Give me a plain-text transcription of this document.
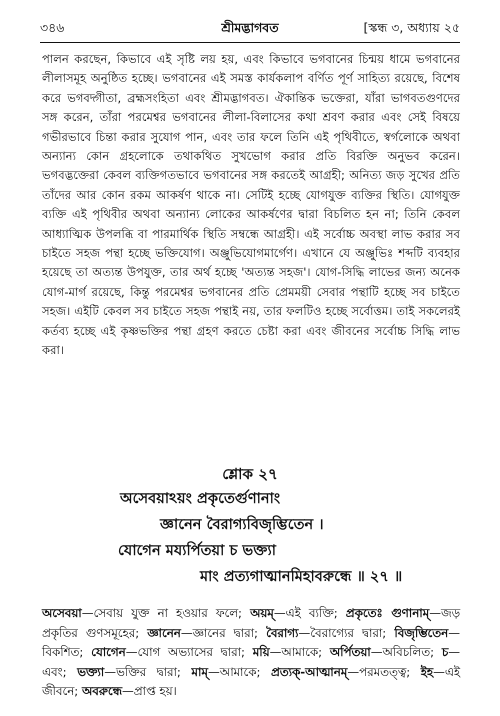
৩৪৬	শ্রীমদ্ভাগবত	[স্কন্ধ ৩, অধ্যায় ২৫

পালন করছেন, কিভাবে এই সৃষ্টি লয় হয়, এবং কিভাবে ভগবানের চিন্ময় ধামে ভগবানের লীলাসমূহ অনুষ্ঠিত হচ্ছে। ভগবানের এই সমস্ত কার্যকলাপ বর্ণিত পূর্ণ সাহিত্য রয়েছে, বিশেষ করে ভগবদ্গীতা, ব্রহ্মসংহিতা এবং শ্রীমদ্ভাগবত। ঐকান্তিক ভক্তেরা, যাঁরা ভাগবতগুণদের সঙ্গ করেন, তাঁরা পরমেশ্বর ভগবানের লীলা-বিলাসের কথা শ্রবণ করার এবং সেই বিষয়ে গভীরভাবে চিন্তা করার সুযোগ পান, এবং তার ফলে তিনি এই পৃথিবীতে, স্বর্গলোকে অথবা অন্যান্য কোন গ্রহলোকে তথাকথিত সুখভোগ করার প্রতি বিরক্তি অনুভব করেন। ভগবদ্ভক্তেরা কেবল ব্যক্তিগতভাবে ভগবানের সঙ্গ করতেই আগ্রহী; অনিত্য জড় সুখের প্রতি তাঁদের আর কোন রকম আকর্ষণ থাকে না। সেটিই হচ্ছে যোগযুক্ত ব্যক্তির স্থিতি। যোগযুক্ত ব্যক্তি এই পৃথিবীর অথবা অন্যান্য লোকের আকর্ষণের দ্বারা বিচলিত হন না; তিনি কেবল আধ্যাত্মিক উপলব্ধি বা পারমার্থিক স্থিতি সম্বন্ধে আগ্রহী। এই সর্বোচ্চ অবস্থা লাভ করার সব চাইতে সহজ পন্থা হচ্ছে ভক্তিযোগ। অঞ্জুভিযোগমার্গেণ। এখানে যে অঞ্জুভিঃ শব্দটি ব্যবহার হয়েছে তা অত্যন্ত উপযুক্ত, তার অর্থ হচ্ছে 'অত্যন্ত সহজ'। যোগ-সিদ্ধি লাভের জন্য অনেক যোগ-মার্গ রয়েছে, কিন্তু পরমেশ্বর ভগবানের প্রতি প্রেমময়ী সেবার পন্থাটি হচ্ছে সব চাইতে সহজ। এইটি কেবল সব চাইতে সহজ পন্থাই নয়, তার ফলটিও হচ্ছে সর্বোত্তম। তাই সকলেরই কর্তব্য হচ্ছে এই কৃষ্ণভক্তির পন্থা গ্রহণ করতে চেষ্টা করা এবং জীবনের সর্বোচ্চ সিদ্ধি লাভ করা।

শ্লোক ২৭
অসেবয়াঽয়ং প্রকৃতের্গুণানাং
জ্ঞানেন বৈরাগ্যবিজৃম্ভিতেন ।
যোগেন ময্যর্পিতয়া চ ভক্ত্যা
মাং প্রত্যগাত্মানমিহাবরুন্ধে ॥ ২৭ ॥

অসেবয়া—সেবায় যুক্ত না হওয়ার ফলে; অয়ম্—এই ব্যক্তি; প্রকৃতেঃ গুণানাম্—জড় প্রকৃতির গুণসমূহের; জ্ঞানেন—জ্ঞানের দ্বারা; বৈরাগ্য—বৈরাগ্যের দ্বারা; বিজৃম্ভিতেন—বিকশিত; যোগেন—যোগ অভ্যাসের দ্বারা; ময়ি—আমাকে; অর্পিতয়া—অবিচলিত; চ—এবং; ভক্ত্যা—ভক্তির দ্বারা; মাম্—আমাকে; প্রত্যক্-আত্মানম্—পরমতত্ত্ব; ইহ—এই জীবনে; অবরুন্ধে—প্রাপ্ত হয়।
